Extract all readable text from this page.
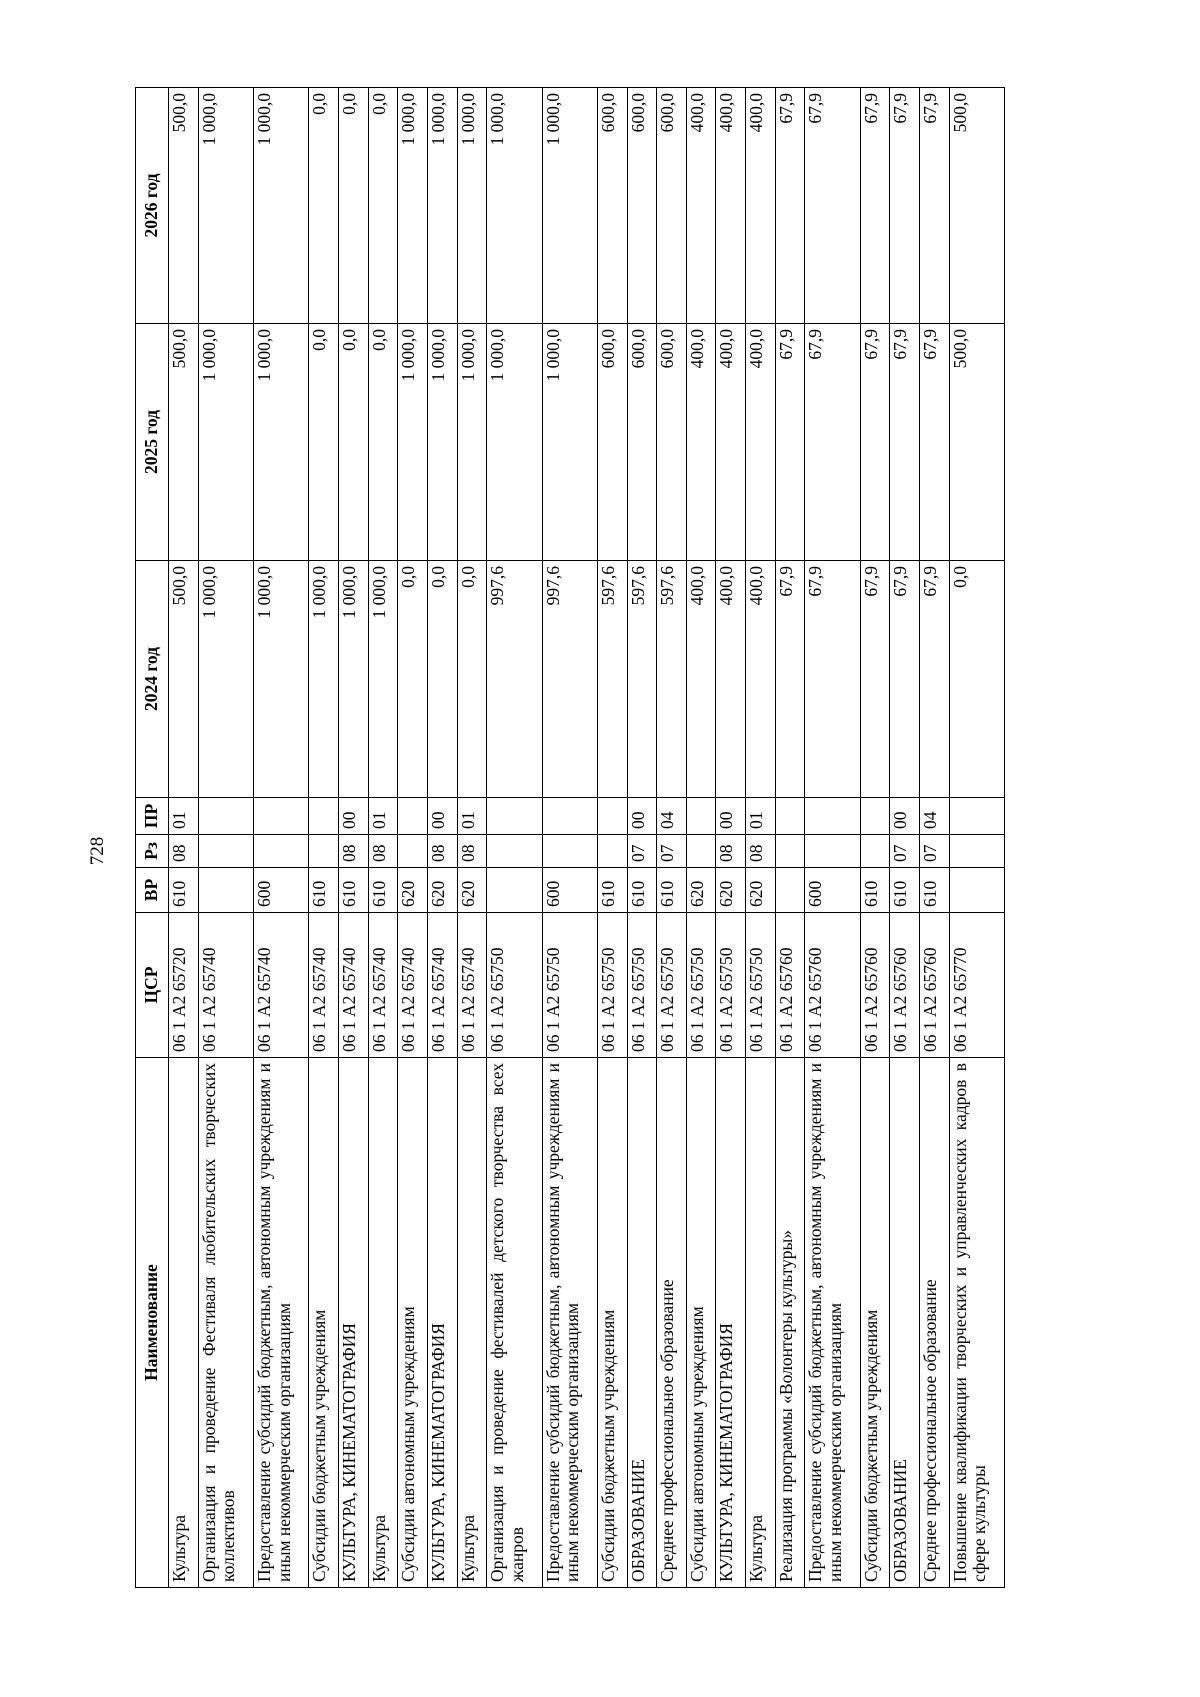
728
Наименование	ЦСР	ВР	Рз	ПР	2024 год	2025 год	2026 год
Культура	06 1 А2 65720	610	08	01	500,0	500,0	500,0
Организация и проведение Фестиваля любительских творческих коллективов	06 1 А2 65740				1 000,0	1 000,0	1 000,0
Предоставление субсидий бюджетным, автономным учреждениям и иным некоммерческим организациям	06 1 А2 65740	600			1 000,0	1 000,0	1 000,0
Субсидии бюджетным учреждениям	06 1 А2 65740	610			1 000,0	0,0	0,0
КУЛЬТУРА, КИНЕМАТОГРАФИЯ	06 1 А2 65740	610	08	00	1 000,0	0,0	0,0
Культура	06 1 А2 65740	610	08	01	1 000,0	0,0	0,0
Субсидии автономным учреждениям	06 1 А2 65740	620			0,0	1 000,0	1 000,0
КУЛЬТУРА, КИНЕМАТОГРАФИЯ	06 1 А2 65740	620	08	00	0,0	1 000,0	1 000,0
Культура	06 1 А2 65740	620	08	01	0,0	1 000,0	1 000,0
Организация и проведение фестивалей детского творчества всех жанров	06 1 А2 65750				997,6	1 000,0	1 000,0
Предоставление субсидий бюджетным, автономным учреждениям и иным некоммерческим организациям	06 1 А2 65750	600			997,6	1 000,0	1 000,0
Субсидии бюджетным учреждениям	06 1 А2 65750	610			597,6	600,0	600,0
ОБРАЗОВАНИЕ	06 1 А2 65750	610	07	00	597,6	600,0	600,0
Среднее профессиональное образование	06 1 А2 65750	610	07	04	597,6	600,0	600,0
Субсидии автономным учреждениям	06 1 А2 65750	620			400,0	400,0	400,0
КУЛЬТУРА, КИНЕМАТОГРАФИЯ	06 1 А2 65750	620	08	00	400,0	400,0	400,0
Культура	06 1 А2 65750	620	08	01	400,0	400,0	400,0
Реализация программы «Волонтеры культуры»	06 1 А2 65760				67,9	67,9	67,9
Предоставление субсидий бюджетным, автономным учреждениям и иным некоммерческим организациям	06 1 А2 65760	600			67,9	67,9	67,9
Субсидии бюджетным учреждениям	06 1 А2 65760	610			67,9	67,9	67,9
ОБРАЗОВАНИЕ	06 1 А2 65760	610	07	00	67,9	67,9	67,9
Среднее профессиональное образование	06 1 А2 65760	610	07	04	67,9	67,9	67,9
Повышение квалификации творческих и управленческих кадров в сфере культуры	06 1 А2 65770				0,0	500,0	500,0
